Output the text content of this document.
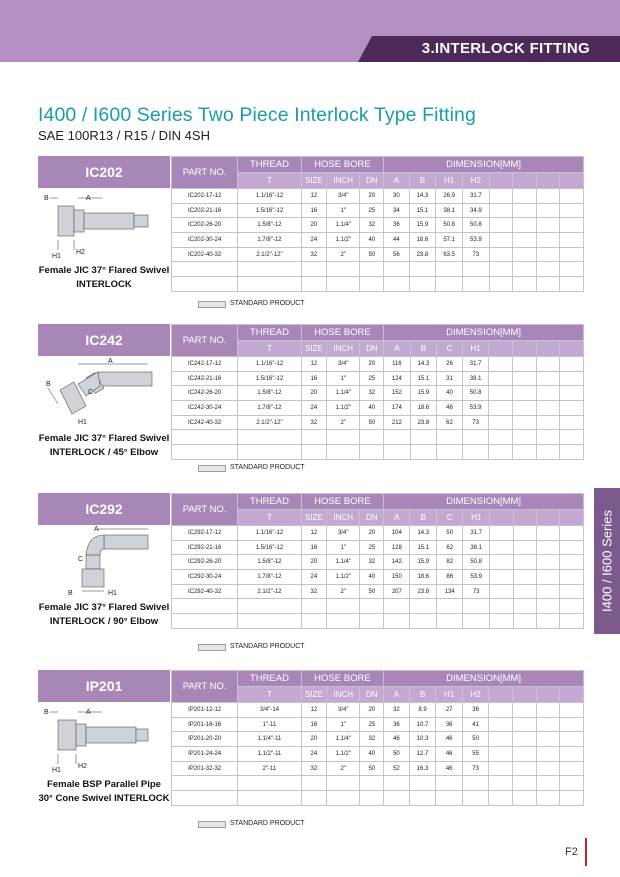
3.INTERLOCK FITTING
I400 / I600 Series Two Piece Interlock Type Fitting
SAE 100R13 / R15 / DIN 4SH
I400 / I600 Series
IC202
B	A
H1
H2
Female JIC 37° Flared Swivel
INTERLOCK
PART NO.	THREAD	HOSE BORE			DIMENSION[MM]							
	T	SIZE	INCH	DN	A	B	H1	H2				
IC202-17-12	1.1/16"-12	12	3/4"	20	30	14.3	26.9	31.7				
IC202-21-16	1.5/16"-12	16	1"	25	34	15.1	38.1	34.9				
IC202-26-20	1.5/8"-12	20	1.1/4"	32	36	15.9	50.8	50.8				
IC202-30-24	1.7/8"-12	24	1.1/2"	40	44	18.6	57.1	53.9				
IC202-40-32	2.1/2"-12"	32	2"	50	56	23.8	63.5	73				

STANDARD PRODUCT
IC242
A
B
C
H1
Female JIC 37° Flared Swivel
INTERLOCK / 45° Elbow
PART NO.	THREAD	HOSE BORE			DIMENSION[MM]							
	T	SIZE	INCH	DN	A	B	C	H1				
IC242-17-12	1.1/16"-12	12	3/4"	20	116	14.3	26	31.7				
IC242-21-16	1.5/16"-12	16	1"	25	124	15.1	31	38.1				
IC242-26-20	1.5/8"-12	20	1.1/4"	32	152	15.9	40	50.8				
IC242-30-24	1.7/8"-12	24	1.1/2"	40	174	18.6	46	53.9				
IC242-40-32	2.1/2"-12"	32	2"	50	212	23.8	62	73				

STANDARD PRODUCT
IC292
A
C
B	H1
Female JIC 37° Flared Swivel
INTERLOCK / 90° Elbow
PART NO.	THREAD	HOSE BORE			DIMENSION[MM]							
	T	SIZE	INCH	DN	A	B	C	H1				
IC292-17-12	1.1/16"-12	12	3/4"	20	104	14.3	50	31.7				
IC292-21-16	1.5/16"-12	16	1"	25	128	15.1	62	38.1				
IC292-26-20	1.5/8"-12	20	1.1/4"	32	142	15.9	82	50.8				
IC292-30-24	1.7/8"-12	24	1.1/2"	40	150	18.6	86	53.9				
IC292-40-32	2.1/2"-12	32	2"	50	207	23.8	134	73				

STANDARD PRODUCT
IP201
B	A
H1
H2
Female BSP Parallel Pipe
30° Cone Swivel INTERLOCK
PART NO.	THREAD	HOSE BORE			DIMENSION[MM]							
	T	SIZE	INCH	DN	A	B	H1	H2				
IP201-12-12	3/4"-14	12	3/4"	20	32	8.9	27	36				
IP201-16-16	1"-11	16	1"	25	36	10.7	36	41				
IP201-20-20	1.1/4"-11	20	1.1/4"	32	46	10.3	46	50				
IP201-24-24	1.1/2"-11	24	1.1/2"	40	50	12.7	46	55				
IP201-32-32	2"-11	32	2"	50	52	16.3	46	73				

STANDARD PRODUCT
F2
